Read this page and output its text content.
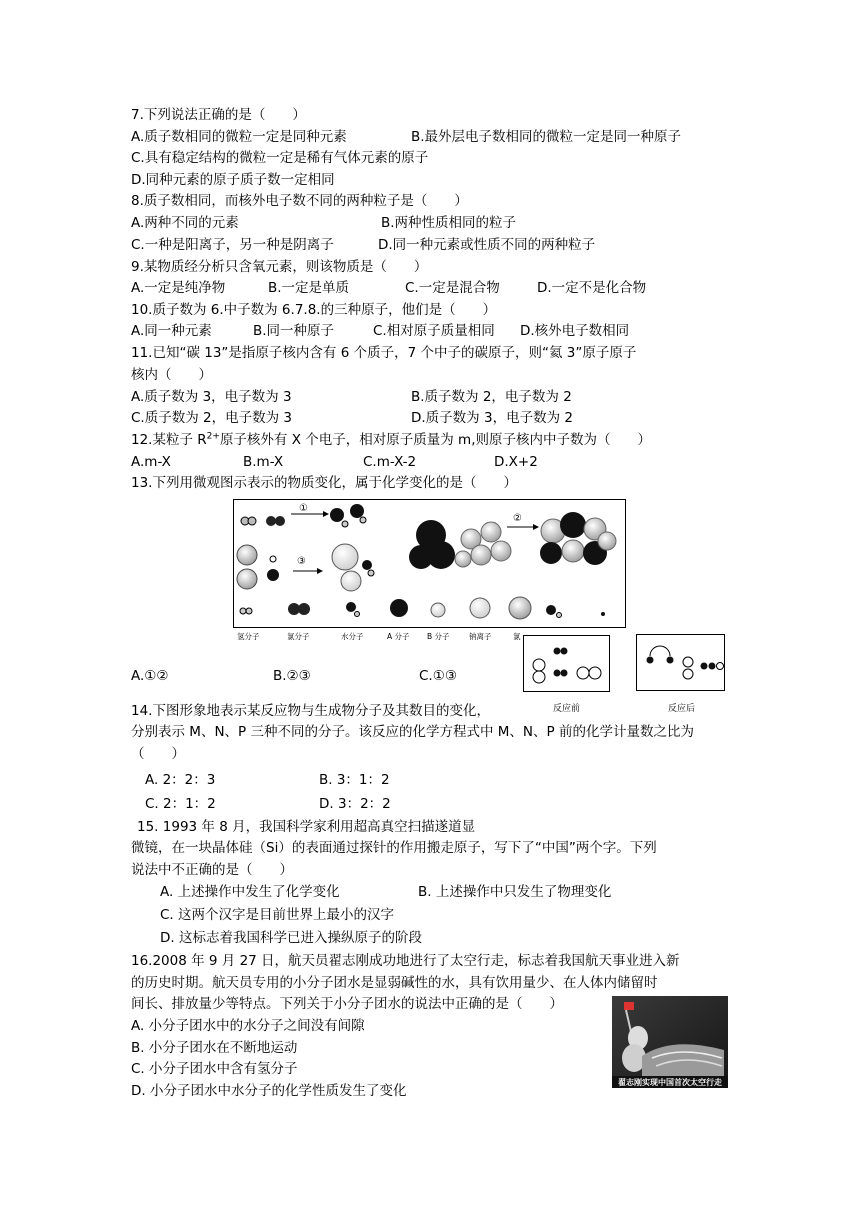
7.下列说法正确的是（　　）
A.质子数相同的微粒一定是同种元素	B.最外层电子数相同的微粒一定是同一种原子
C.具有稳定结构的微粒一定是稀有气体元素的原子
D.同种元素的原子质子数一定相同
8.质子数相同，而核外电子数不同的两种粒子是（　　）
A.两种不同的元素	B.两种性质相同的粒子
C.一种是阳离子，另一种是阴离子	D.同一种元素或性质不同的两种粒子
9.某物质经分析只含氧元素，则该物质是（　　）
A.一定是纯净物	B.一定是单质	C.一定是混合物	D.一定不是化合物
10.质子数为 6.中子数为 6.7.8.的三种原子，他们是（　　）
A.同一种元素	B.同一种原子	C.相对原子质量相同 D.核外电子数相同
11.已知“碳 13”是指原子核内含有 6 个质子，7 个中子的碳原子，则“氦 3”原子原子
核内（　　）
A.质子数为 3，电子数为 3	B.质子数为 2，电子数为 2
C.质子数为 2，电子数为 3	D.质子数为 3，电子数为 2
12.某粒子 $R^{2+}$原子核外有 X 个电子，相对原子质量为 m,则原子核内中子数为（　　）
A.m-X	B.m-X	C.m-X-2	D.X+2
13.下列用微观图示表示的物质变化，属于化学变化的是（　　）
①
②
③
氢分子	氯分子	水分子	A 分子 B 分子	钠离子	氯
A.①②	B.②③	C.①③
14.下图形象地表示某反应物与生成物分子及其数目的变化，	反应前	反应后
分别表示 M、N、P 三种不同的分子。该反应的化学方程式中 M、N、P 前的化学计量数之比为
（　　）
A. 2：2：3	B. 3：1：2
C. 2：1：2	D. 3：2：2
15. 1993 年 8 月，我国科学家利用超高真空扫描遂道显
微镜，在一块晶体硅（Si）的表面通过探针的作用搬走原子，写下了“中国”两个字。下列
说法中不正确的是（　　）
A. 上述操作中发生了化学变化	B. 上述操作中只发生了物理变化
C. 这两个汉字是目前世界上最小的汉字
D. 这标志着我国科学已进入操纵原子的阶段
16.2008 年 9 月 27 日，航天员翟志刚成功地进行了太空行走，标志着我国航天事业进入新
的历史时期。航天员专用的小分子团水是显弱碱性的水，具有饮用量少、在人体内储留时
间长、排放量少等特点。下列关于小分子团水的说法中正确的是（　　）
A. 小分子团水中的水分子之间没有间隙
B. 小分子团水在不断地运动
C. 小分子团水中含有氢分子
D. 小分子团水中水分子的化学性质发生了变化
翟志刚实现中国首次太空行走
